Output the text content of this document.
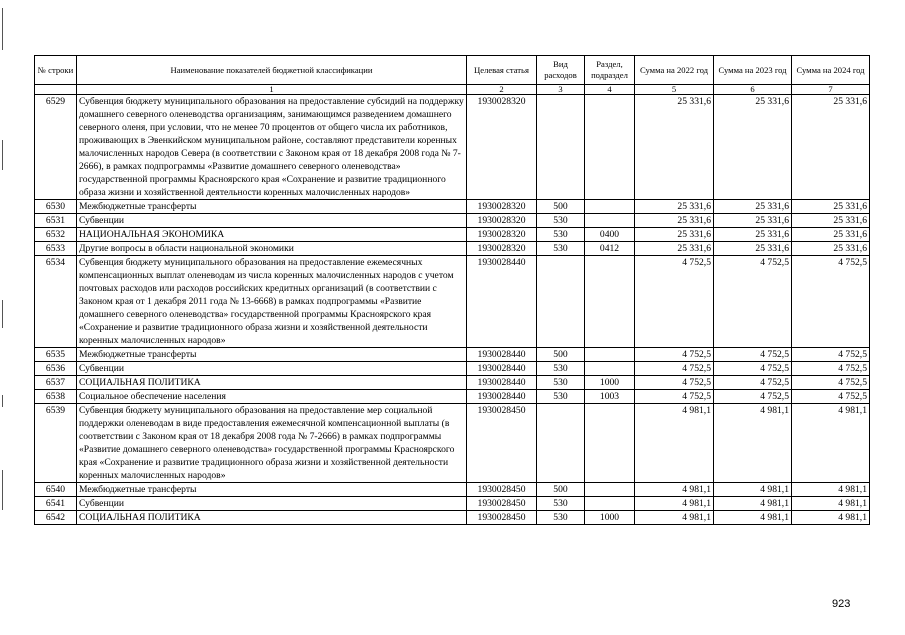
№ строки	Наименование показателей бюджетной классификации	Целевая статья	Вид расходов	Раздел, подраздел	Сумма на 2022 год	Сумма на 2023 год	Сумма на 2024 год
	1	2	3	4	5	6	7
6529	Субвенция бюджету муниципального образования на предоставление субсидий на поддержку домашнего северного оленеводства организациям, занимающимся разведением домашнего северного оленя, при условии, что не менее 70 процентов от общего числа их работников, проживающих в Эвенкийском муниципальном районе, составляют представители коренных малочисленных народов Севера (в соответствии с Законом края от 18 декабря 2008 года № 7-2666), в рамках подпрограммы «Развитие домашнего северного оленеводства» государственной программы Красноярского края «Сохранение и развитие традиционного образа жизни и хозяйственной деятельности коренных малочисленных народов»	1930028320			25 331,6	25 331,6	25 331,6
6530	Межбюджетные трансферты	1930028320	500		25 331,6	25 331,6	25 331,6
6531	Субвенции	1930028320	530		25 331,6	25 331,6	25 331,6
6532	НАЦИОНАЛЬНАЯ ЭКОНОМИКА	1930028320	530	0400	25 331,6	25 331,6	25 331,6
6533	Другие вопросы в области национальной экономики	1930028320	530	0412	25 331,6	25 331,6	25 331,6
6534	Субвенция бюджету муниципального образования на предоставление ежемесячных компенсационных выплат оленеводам из числа коренных малочисленных народов с учетом почтовых расходов или расходов российских кредитных организаций (в соответствии с Законом края от 1 декабря 2011 года № 13-6668) в рамках подпрограммы «Развитие домашнего северного оленеводства» государственной программы Красноярского края «Сохранение и развитие традиционного образа жизни и хозяйственной деятельности коренных малочисленных народов»	1930028440			4 752,5	4 752,5	4 752,5
6535	Межбюджетные трансферты	1930028440	500		4 752,5	4 752,5	4 752,5
6536	Субвенции	1930028440	530		4 752,5	4 752,5	4 752,5
6537	СОЦИАЛЬНАЯ ПОЛИТИКА	1930028440	530	1000	4 752,5	4 752,5	4 752,5
6538	Социальное обеспечение населения	1930028440	530	1003	4 752,5	4 752,5	4 752,5
6539	Субвенция бюджету муниципального образования на предоставление мер социальной поддержки оленеводам в виде предоставления ежемесячной компенсационной выплаты (в соответствии с Законом края от 18 декабря 2008 года № 7-2666) в рамках подпрограммы «Развитие домашнего северного оленеводства» государственной программы Красноярского края «Сохранение и развитие традиционного образа жизни и хозяйственной деятельности коренных малочисленных народов»	1930028450			4 981,1	4 981,1	4 981,1
6540	Межбюджетные трансферты	1930028450	500		4 981,1	4 981,1	4 981,1
6541	Субвенции	1930028450	530		4 981,1	4 981,1	4 981,1
6542	СОЦИАЛЬНАЯ ПОЛИТИКА	1930028450	530	1000	4 981,1	4 981,1	4 981,1
923
